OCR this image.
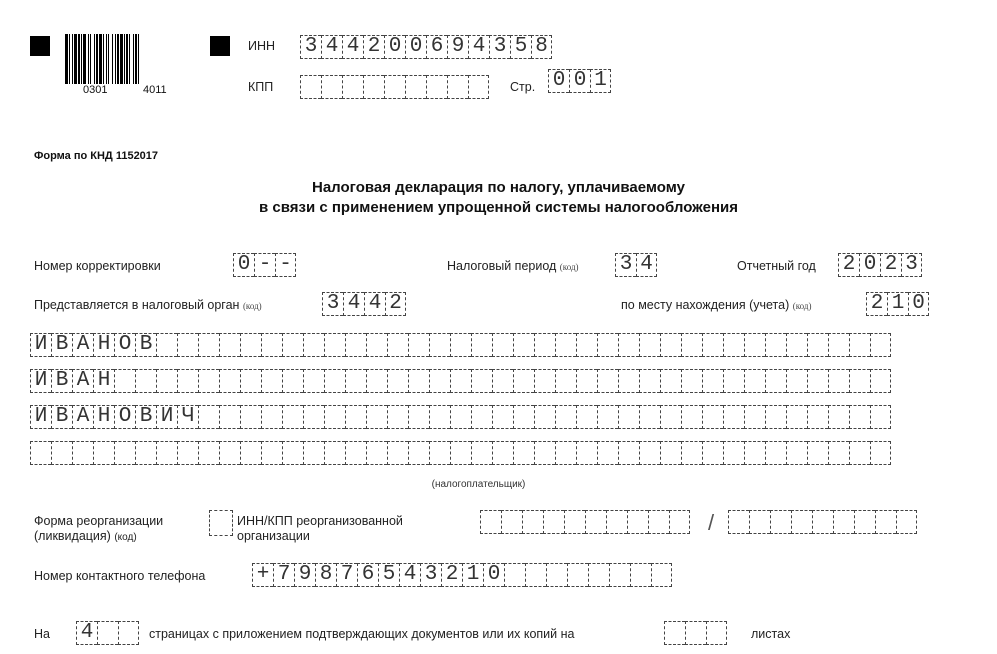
0301	4011
ИНН 3 4 4 2 0 0 6 9 4 3 5 8
КПП	Стр. 0 0 1
Форма по КНД 1152017
Налоговая декларация по налогу, уплачиваемому
в связи с применением упрощенной системы налогообложения
Номер корректировки	0 - -	Налоговый период (код) 3 4	Отчетный год 2 0 2 3
Представляется в налоговый орган (код)	3 4 4 2	по месту нахождения (учета) (код)	2 1 0
И В А Н О В
И В А Н
И В А Н О В И Ч
(налогоплательщик)
Форма реорганизации
(ликвидация) (код)
ИНН/КПП реорганизованной
организации
/
Номер контактного телефона + 7 9 8 7 6 5 4 3 2 1 0
На 4	страницах с приложением подтверждающих документов или их копий на	листах
